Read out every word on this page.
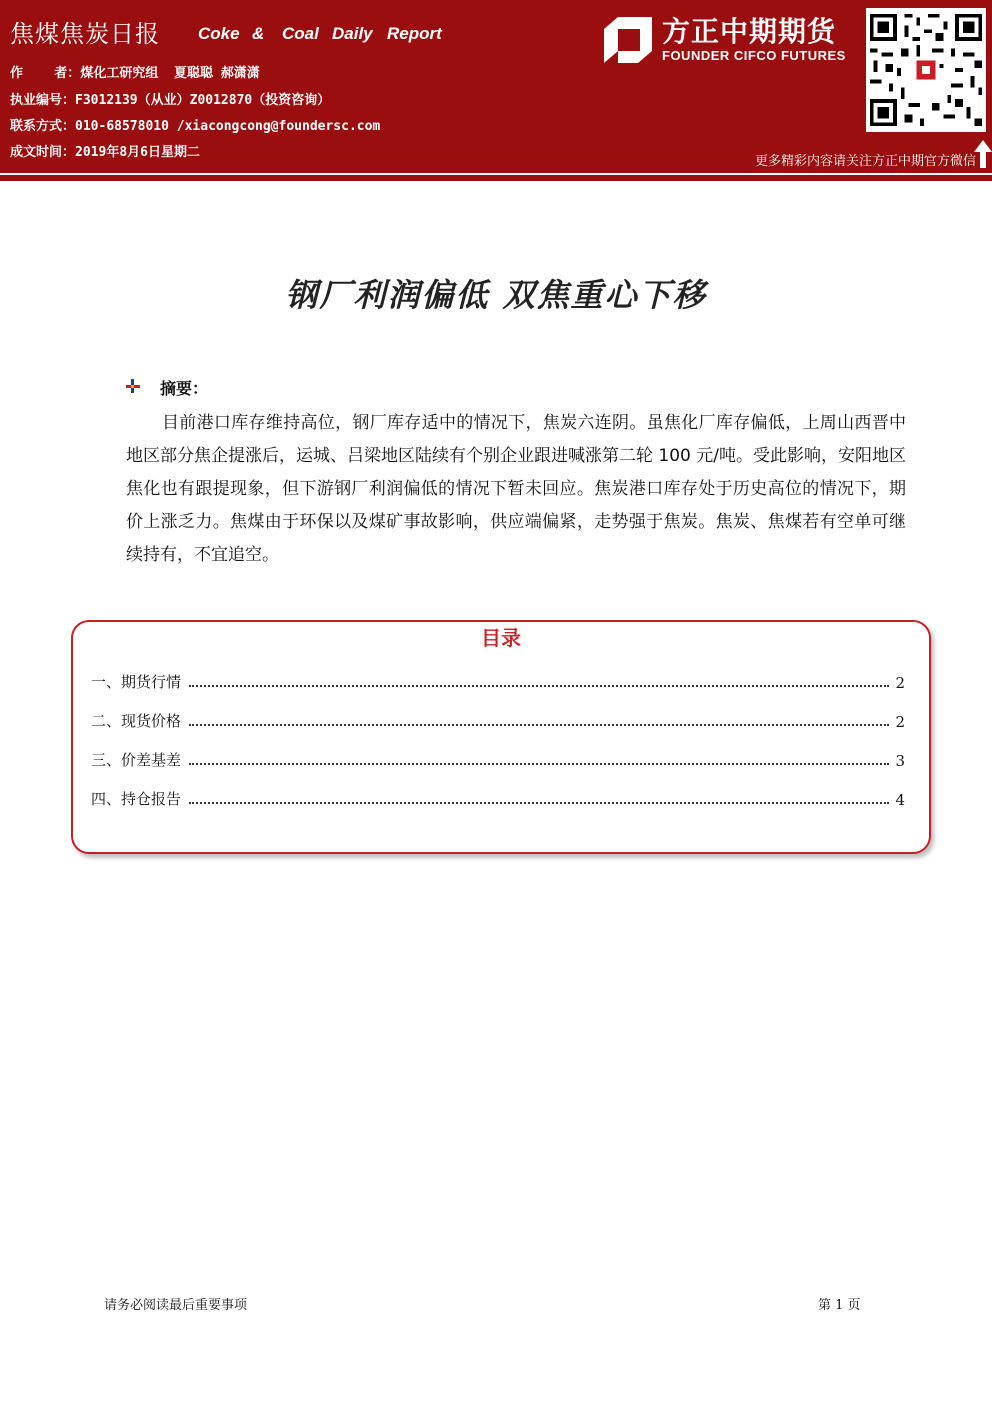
焦煤焦炭日报 Coke & Coal Daily Report
作    者：煤化工研究组  夏聪聪 郝潇潇
执业编号：F3012139（从业）Z0012870（投资咨询）
联系方式：010-68578010 /xiacongcong@foundersc.com
成文时间：2019年8月6日星期二
方正中期期货
FOUNDER CIFCO FUTURES
更多精彩内容请关注方正中期官方微信
钢厂利润偏低 双焦重心下移
摘要：
目前港口库存维持高位，钢厂库存适中的情况下，焦炭六连阴。虽焦化厂库存偏低，上周山西晋中地区部分焦企提涨后，运城、吕梁地区陆续有个别企业跟进喊涨第二轮 100 元/吨。受此影响，安阳地区焦化也有跟提现象，但下游钢厂利润偏低的情况下暂未回应。焦炭港口库存处于历史高位的情况下，期价上涨乏力。焦煤由于环保以及煤矿事故影响，供应端偏紧，走势强于焦炭。焦炭、焦煤若有空单可继续持有，不宜追空。
目录
一、期货行情	2
二、现货价格	2
三、价差基差	3
四、持仓报告	4
请务必阅读最后重要事项	第 1 页
